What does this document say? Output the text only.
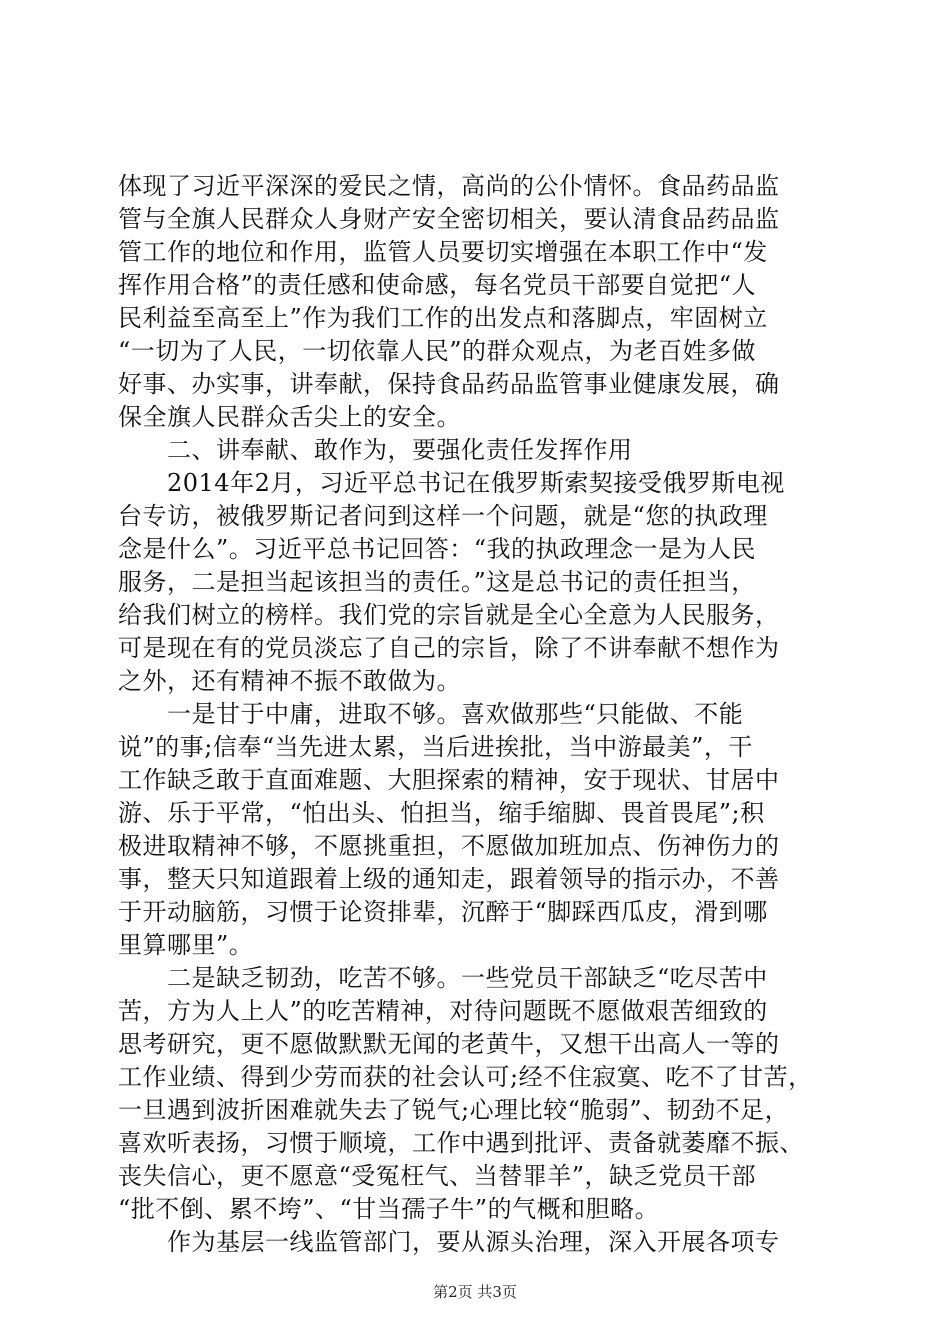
体现了习近平深深的爱民之情，高尚的公仆情怀。食品药品监
管与全旗人民群众人身财产安全密切相关，要认清食品药品监
管工作的地位和作用，监管人员要切实增强在本职工作中“发
挥作用合格”的责任感和使命感，每名党员干部要自觉把“人
民利益至高至上”作为我们工作的出发点和落脚点，牢固树立
“一切为了人民，一切依靠人民”的群众观点，为老百姓多做
好事、办实事，讲奉献，保持食品药品监管事业健康发展，确
保全旗人民群众舌尖上的安全。
　　二、讲奉献、敢作为，要强化责任发挥作用
　　2014年2月，习近平总书记在俄罗斯索契接受俄罗斯电视
台专访，被俄罗斯记者问到这样一个问题，就是“您的执政理
念是什么”。习近平总书记回答：“我的执政理念一是为人民
服务，二是担当起该担当的责任。”这是总书记的责任担当，
给我们树立的榜样。我们党的宗旨就是全心全意为人民服务，
可是现在有的党员淡忘了自己的宗旨，除了不讲奉献不想作为
之外，还有精神不振不敢做为。
　　一是甘于中庸，进取不够。喜欢做那些“只能做、不能
说”的事;信奉“当先进太累，当后进挨批，当中游最美”，干
工作缺乏敢于直面难题、大胆探索的精神，安于现状、甘居中
游、乐于平常，“怕出头、怕担当，缩手缩脚、畏首畏尾”;积
极进取精神不够，不愿挑重担，不愿做加班加点、伤神伤力的
事，整天只知道跟着上级的通知走，跟着领导的指示办，不善
于开动脑筋，习惯于论资排辈，沉醉于“脚踩西瓜皮，滑到哪
里算哪里”。
　　二是缺乏韧劲，吃苦不够。一些党员干部缺乏“吃尽苦中
苦，方为人上人”的吃苦精神，对待问题既不愿做艰苦细致的
思考研究，更不愿做默默无闻的老黄牛，又想干出高人一等的
工作业绩、得到少劳而获的社会认可;经不住寂寞、吃不了甘苦，
一旦遇到波折困难就失去了锐气;心理比较“脆弱”、韧劲不足，
喜欢听表扬，习惯于顺境，工作中遇到批评、责备就萎靡不振、
丧失信心，更不愿意“受冤枉气、当替罪羊”，缺乏党员干部
“批不倒、累不垮”、“甘当孺子牛”的气概和胆略。
　　作为基层一线监管部门，要从源头治理，深入开展各项专
第2页 共3页
